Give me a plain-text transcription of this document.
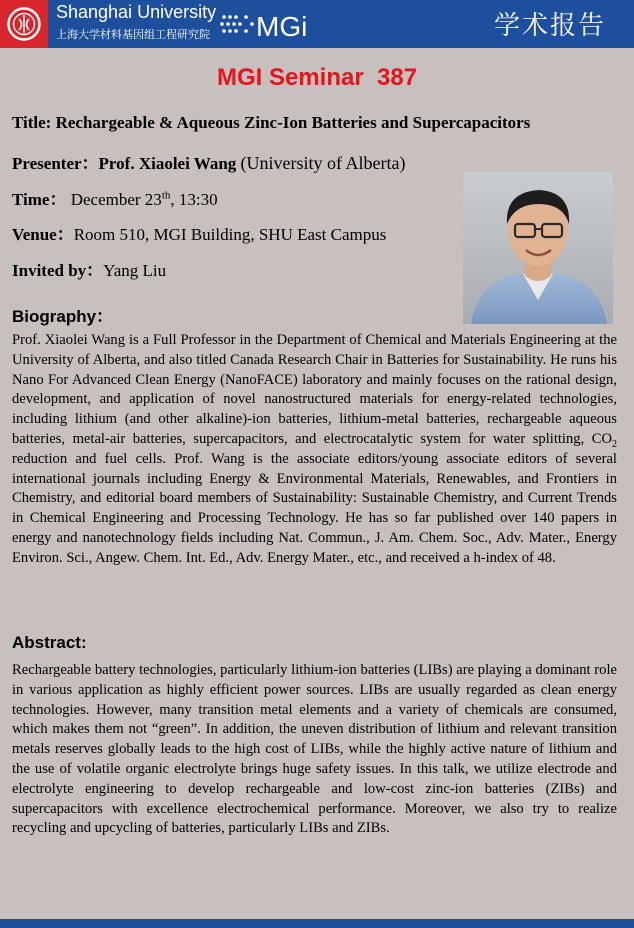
Shanghai University
上海大学材料基因组工程研究院 MGi	学术报告
MGI Seminar  387
Title: Rechargeable & Aqueous Zinc-Ion Batteries and Supercapacitors
Presenter：Prof. Xiaolei Wang (University of Alberta)
Time： December 23th, 13:30
Venue：Room 510, MGI Building, SHU East Campus
Invited by：Yang Liu
Biography：
Prof. Xiaolei Wang is a Full Professor in the Department of Chemical and Materials Engineering at the University of Alberta, and also titled Canada Research Chair in Batteries for Sustainability. He runs his Nano For Advanced Clean Energy (NanoFACE) laboratory and mainly focuses on the rational design, development, and application of novel nanostructured materials for energy-related technologies, including lithium (and other alkaline)-ion batteries, lithium-metal batteries, rechargeable aqueous batteries, metal-air batteries, supercapacitors, and electrocatalytic system for water splitting, $CO_2$ reduction and fuel cells. Prof. Wang is the associate editors/young associate editors of several international journals including Energy & Environmental Materials, Renewables, and Frontiers in Chemistry, and editorial board members of Sustainability: Sustainable Chemistry, and Current Trends in Chemical Engineering and Processing Technology. He has so far published over 140 papers in energy and nanotechnology fields including Nat. Commun., J. Am. Chem. Soc., Adv. Mater., Energy Environ. Sci., Angew. Chem. Int. Ed., Adv. Energy Mater., etc., and received a h-index of 48.
Abstract:
Rechargeable battery technologies, particularly lithium-ion batteries (LIBs) are playing a dominant role in various application as highly efficient power sources. LIBs are usually regarded as clean energy technologies. However, many transition metal elements and a variety of chemicals are consumed, which makes them not “green”. In addition, the uneven distribution of lithium and relevant transition metals reserves globally leads to the high cost of LIBs, while the highly active nature of lithium and the use of volatile organic electrolyte brings huge safety issues. In this talk, we utilize electrode and electrolyte engineering to develop rechargeable and low-cost zinc-ion batteries (ZIBs) and supercapacitors with excellence electrochemical performance. Moreover, we also try to realize recycling and upcycling of batteries, particularly LIBs and ZIBs.
